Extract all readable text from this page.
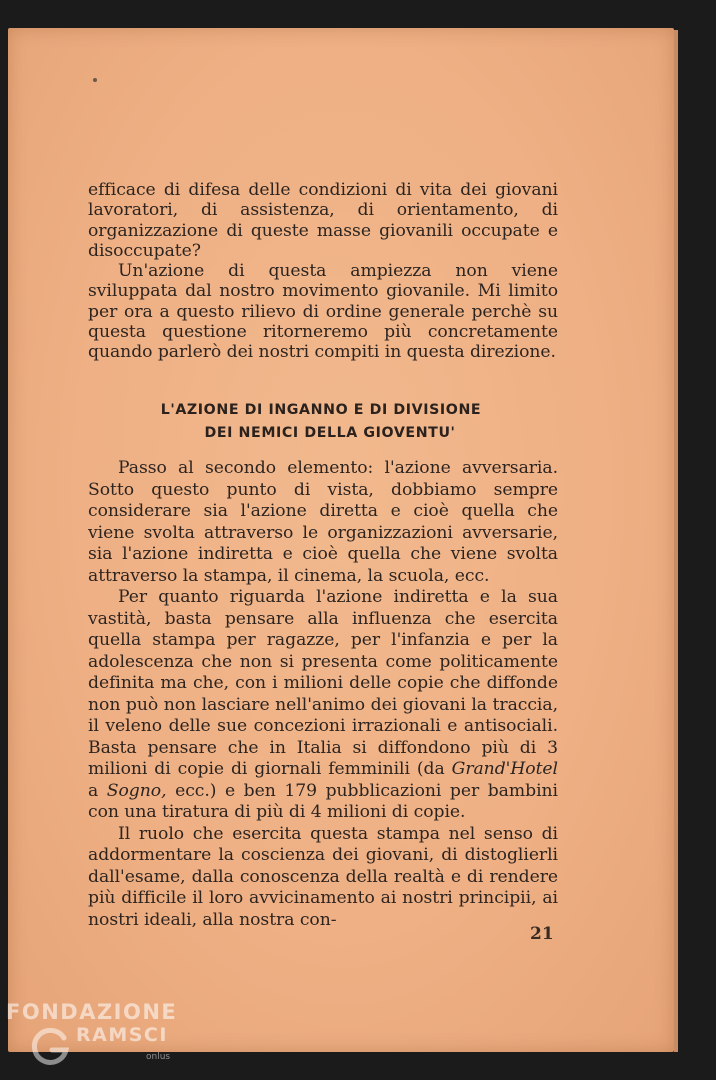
efficace di difesa delle condizioni di vita dei giovani lavoratori, di assistenza, di orientamento, di organizzazione di queste masse giovanili occupate e disoccupate?

Un'azione di questa ampiezza non viene sviluppata dal nostro movimento giovanile. Mi limito per ora a questo rilievo di ordine generale perchè su questa questione ritorneremo più concretamente quando parlerò dei nostri compiti in questa direzione.

L'AZIONE DI INGANNO E DI DIVISIONE
DEI NEMICI DELLA GIOVENTU'

Passo al secondo elemento: l'azione avversaria. Sotto questo punto di vista, dobbiamo sempre considerare sia l'azione diretta e cioè quella che viene svolta attraverso le organizzazioni avversarie, sia l'azione indiretta e cioè quella che viene svolta attraverso la stampa, il cinema, la scuola, ecc.

Per quanto riguarda l'azione indiretta e la sua vastità, basta pensare alla influenza che esercita quella stampa per ragazze, per l'infanzia e per la adolescenza che non si presenta come politicamente definita ma che, con i milioni delle copie che diffonde non può non lasciare nell'animo dei giovani la traccia, il veleno delle sue concezioni irrazionali e antisociali. Basta pensare che in Italia si diffondono più di 3 milioni di copie di giornali femminili (da Grand'Hotel a Sogno, ecc.) e ben 179 pubblicazioni per bambini con una tiratura di più di 4 milioni di copie.

Il ruolo che esercita questa stampa nel senso di addormentare la coscienza dei giovani, di distoglierli dall'esame, dalla conoscenza della realtà e di rendere più difficile il loro avvicinamento ai nostri principii, ai nostri ideali, alla nostra con-

21
FONDAZIONE
RAMSCI
onlus
